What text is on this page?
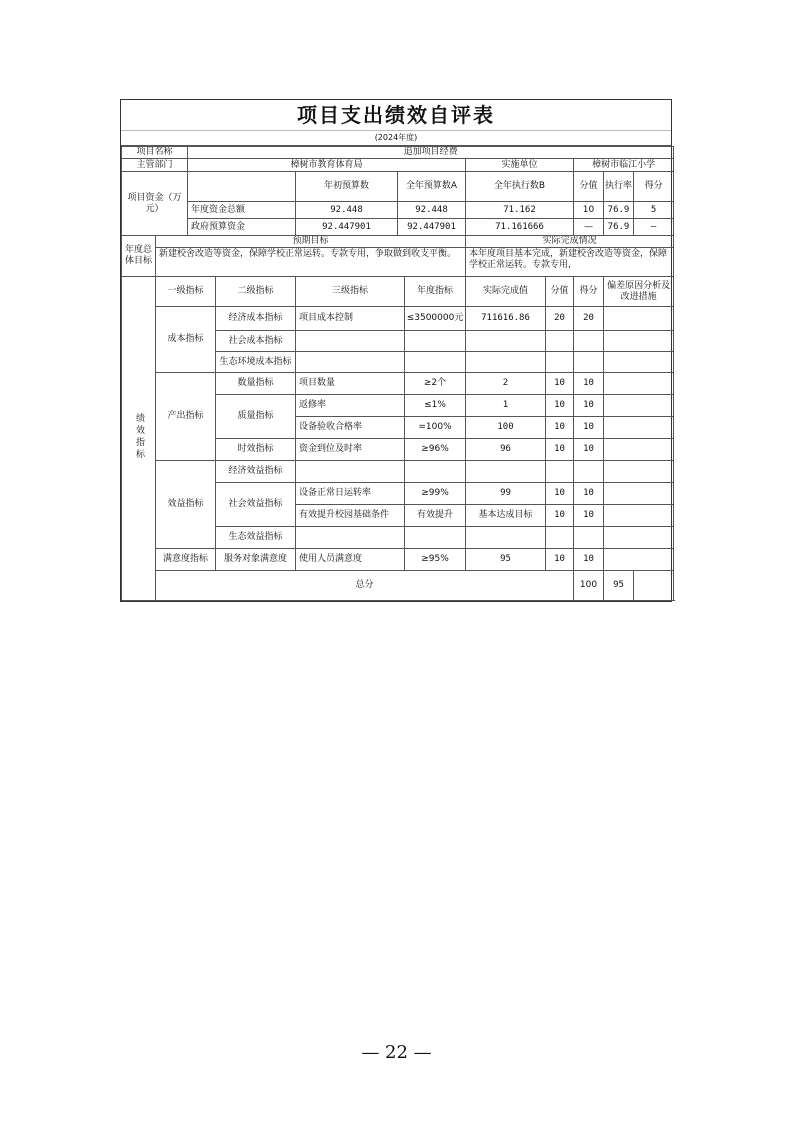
项目支出绩效自评表
(2024年度)
项目名称		追加项目经费									
主管部门		樟树市教育体育局					实施单位		樟树市临江小学		
项目资金（万元）				年初预算数	全年预算数A		全年执行数B		分值	执行率	得分
		年度资金总额		92.448	92.448		71.162		10	76.9	5
		政府预算资金		92.447901	92.447901		71.161666		—	76.9	—
年度总体目标	预期目标						实际完成情况				
	新建校舍改造等资金，保障学校正常运转。专款专用，争取做到收支平衡。						本年度项目基本完成，新建校舍改造等资金，保障学校正常运转。专款专用，				
绩效指标	一级指标		二级指标	三级指标		年度指标	实际完成值	分值	得分	偏差原因分析及改进措施	
	成本指标		经济成本指标	项目成本控制		≤3500000元	711616.86	20	20		
			社会成本指标								
			生态环境成本指标								
	产出指标		数量指标	项目数量		≥2个	2	10	10		
			质量指标	返修率		≤1%	1	10	10		
				设备验收合格率		=100%	100	10	10		
			时效指标	资金到位及时率		≥96%	96	10	10		
	效益指标		经济效益指标								
			社会效益指标	设备正常日运转率		≥99%	99	10	10		
				有效提升校园基础条件		有效提升	基本达成目标	10	10		
			生态效益指标								
	满意度指标		服务对象满意度	使用人员满意度		≥95%	95	10	10		
	总分								100	95	
— 22 —
